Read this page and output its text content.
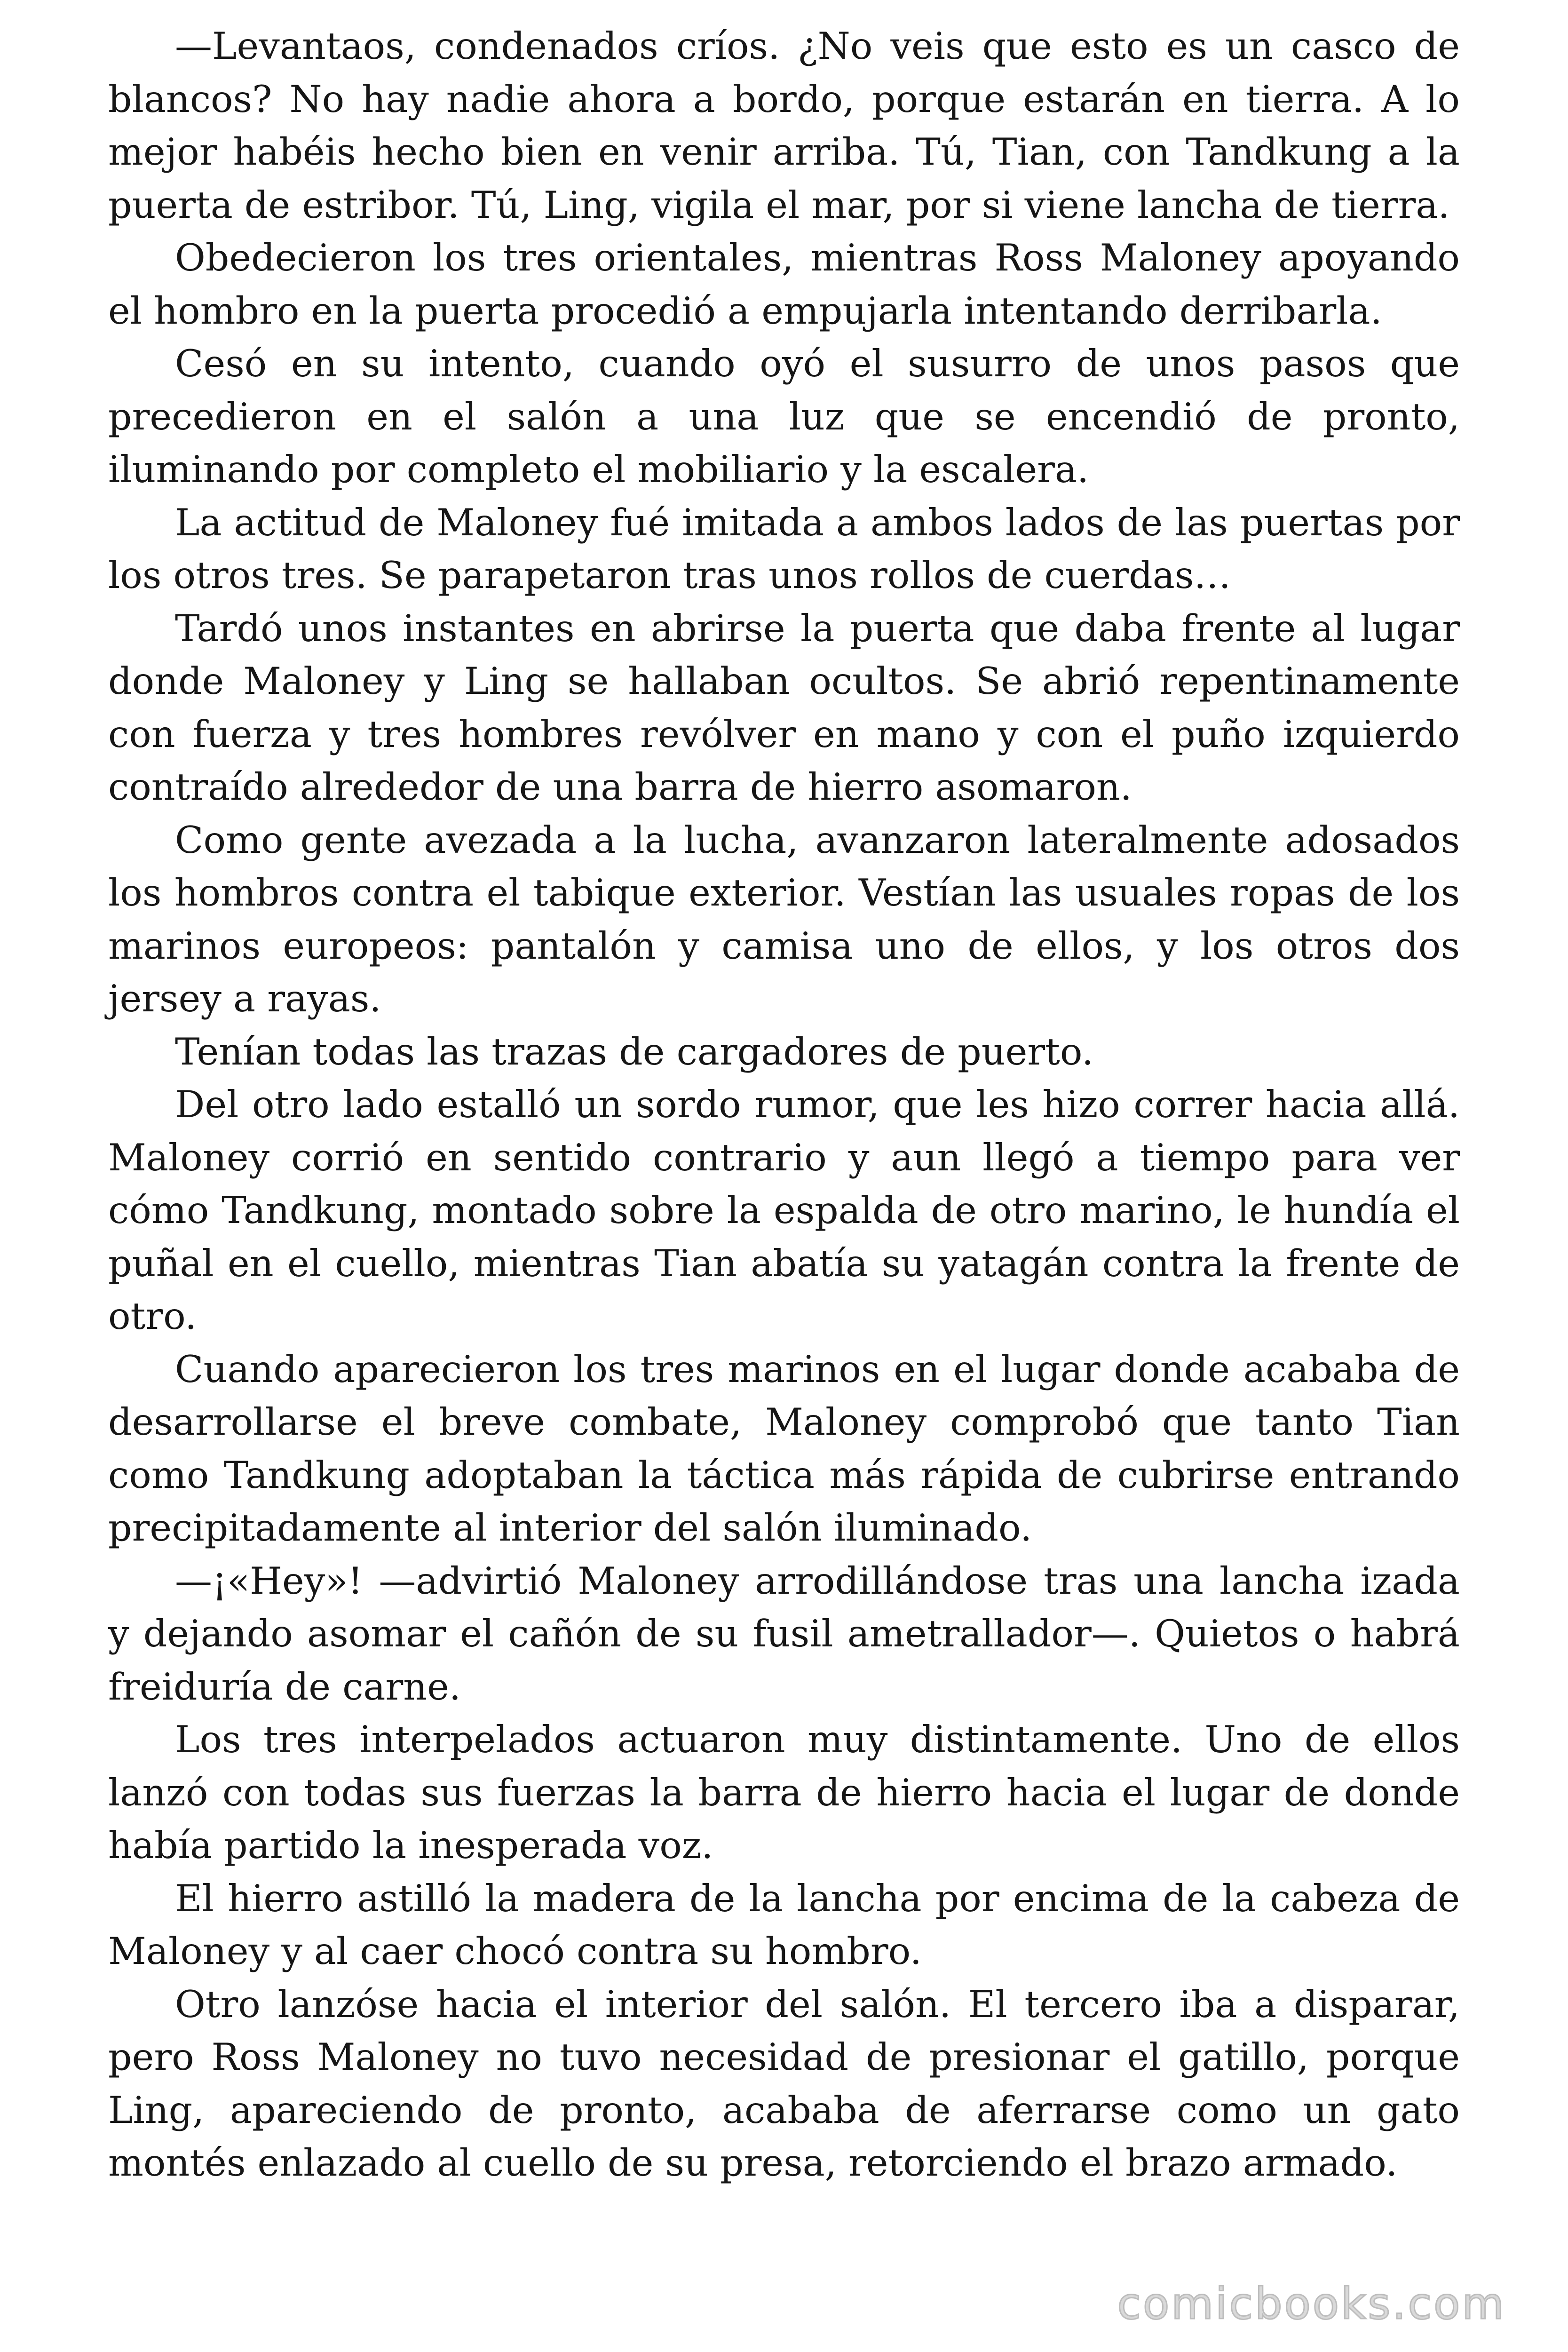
—Levantaos, condenados críos. ¿No veis que esto es un casco de blancos? No hay nadie ahora a bordo, porque estarán en tierra. A lo mejor habéis hecho bien en venir arriba. Tú, Tian, con Tandkung a la puerta de estribor. Tú, Ling, vigila el mar, por si viene lancha de tierra.

Obedecieron los tres orientales, mientras Ross Maloney apoyando el hombro en la puerta procedió a empujarla intentando derribarla.

Cesó en su intento, cuando oyó el susurro de unos pasos que precedieron en el salón a una luz que se encendió de pronto, iluminando por completo el mobiliario y la escalera.

La actitud de Maloney fué imitada a ambos lados de las puertas por los otros tres. Se parapetaron tras unos rollos de cuerdas…

Tardó unos instantes en abrirse la puerta que daba frente al lugar donde Maloney y Ling se hallaban ocultos. Se abrió repentinamente con fuerza y tres hombres revólver en mano y con el puño izquierdo contraído alrededor de una barra de hierro asomaron.

Como gente avezada a la lucha, avanzaron lateralmente adosados los hombros contra el tabique exterior. Vestían las usuales ropas de los marinos europeos: pantalón y camisa uno de ellos, y los otros dos jersey a rayas.

Tenían todas las trazas de cargadores de puerto.

Del otro lado estalló un sordo rumor, que les hizo correr hacia allá. Maloney corrió en sentido contrario y aun llegó a tiempo para ver cómo Tandkung, montado sobre la espalda de otro marino, le hundía el puñal en el cuello, mientras Tian abatía su yatagán contra la frente de otro.

Cuando aparecieron los tres marinos en el lugar donde acababa de desarrollarse el breve combate, Maloney comprobó que tanto Tian como Tandkung adoptaban la táctica más rápida de cubrirse entrando precipitadamente al interior del salón iluminado.

—¡«Hey»! —advirtió Maloney arrodillándose tras una lancha izada y dejando asomar el cañón de su fusil ametrallador—. Quietos o habrá freiduría de carne.

Los tres interpelados actuaron muy distintamente. Uno de ellos lanzó con todas sus fuerzas la barra de hierro hacia el lugar de donde había partido la inesperada voz.

El hierro astilló la madera de la lancha por encima de la cabeza de Maloney y al caer chocó contra su hombro.

Otro lanzóse hacia el interior del salón. El tercero iba a disparar, pero Ross Maloney no tuvo necesidad de presionar el gatillo, porque Ling, apareciendo de pronto, acababa de aferrarse como un gato montés enlazado al cuello de su presa, retorciendo el brazo armado.

comicbooks.com
